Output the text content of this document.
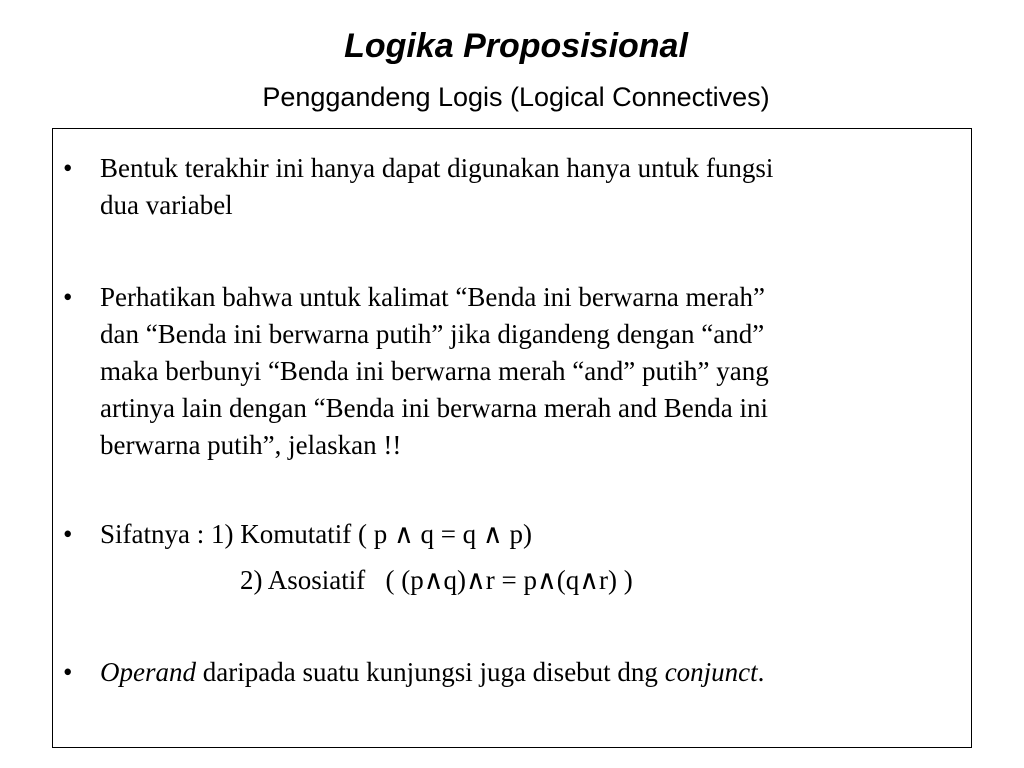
Logika Proposisional
Penggandeng Logis (Logical Connectives)
• Bentuk terakhir ini hanya dapat digunakan hanya untuk fungsi
dua variabel
• Perhatikan bahwa untuk kalimat “Benda ini berwarna merah”
dan “Benda ini berwarna putih” jika digandeng dengan “and”
maka berbunyi “Benda ini berwarna merah “and” putih” yang
artinya lain dengan “Benda ini berwarna merah and Benda ini
berwarna putih”, jelaskan !!
• Sifatnya : 1) Komutatif ( p ∧ q = q ∧ p)
2) Asosiatif   ( (p∧q)∧r = p∧(q∧r) )
• Operand daripada suatu kunjungsi juga disebut dng conjunct.
